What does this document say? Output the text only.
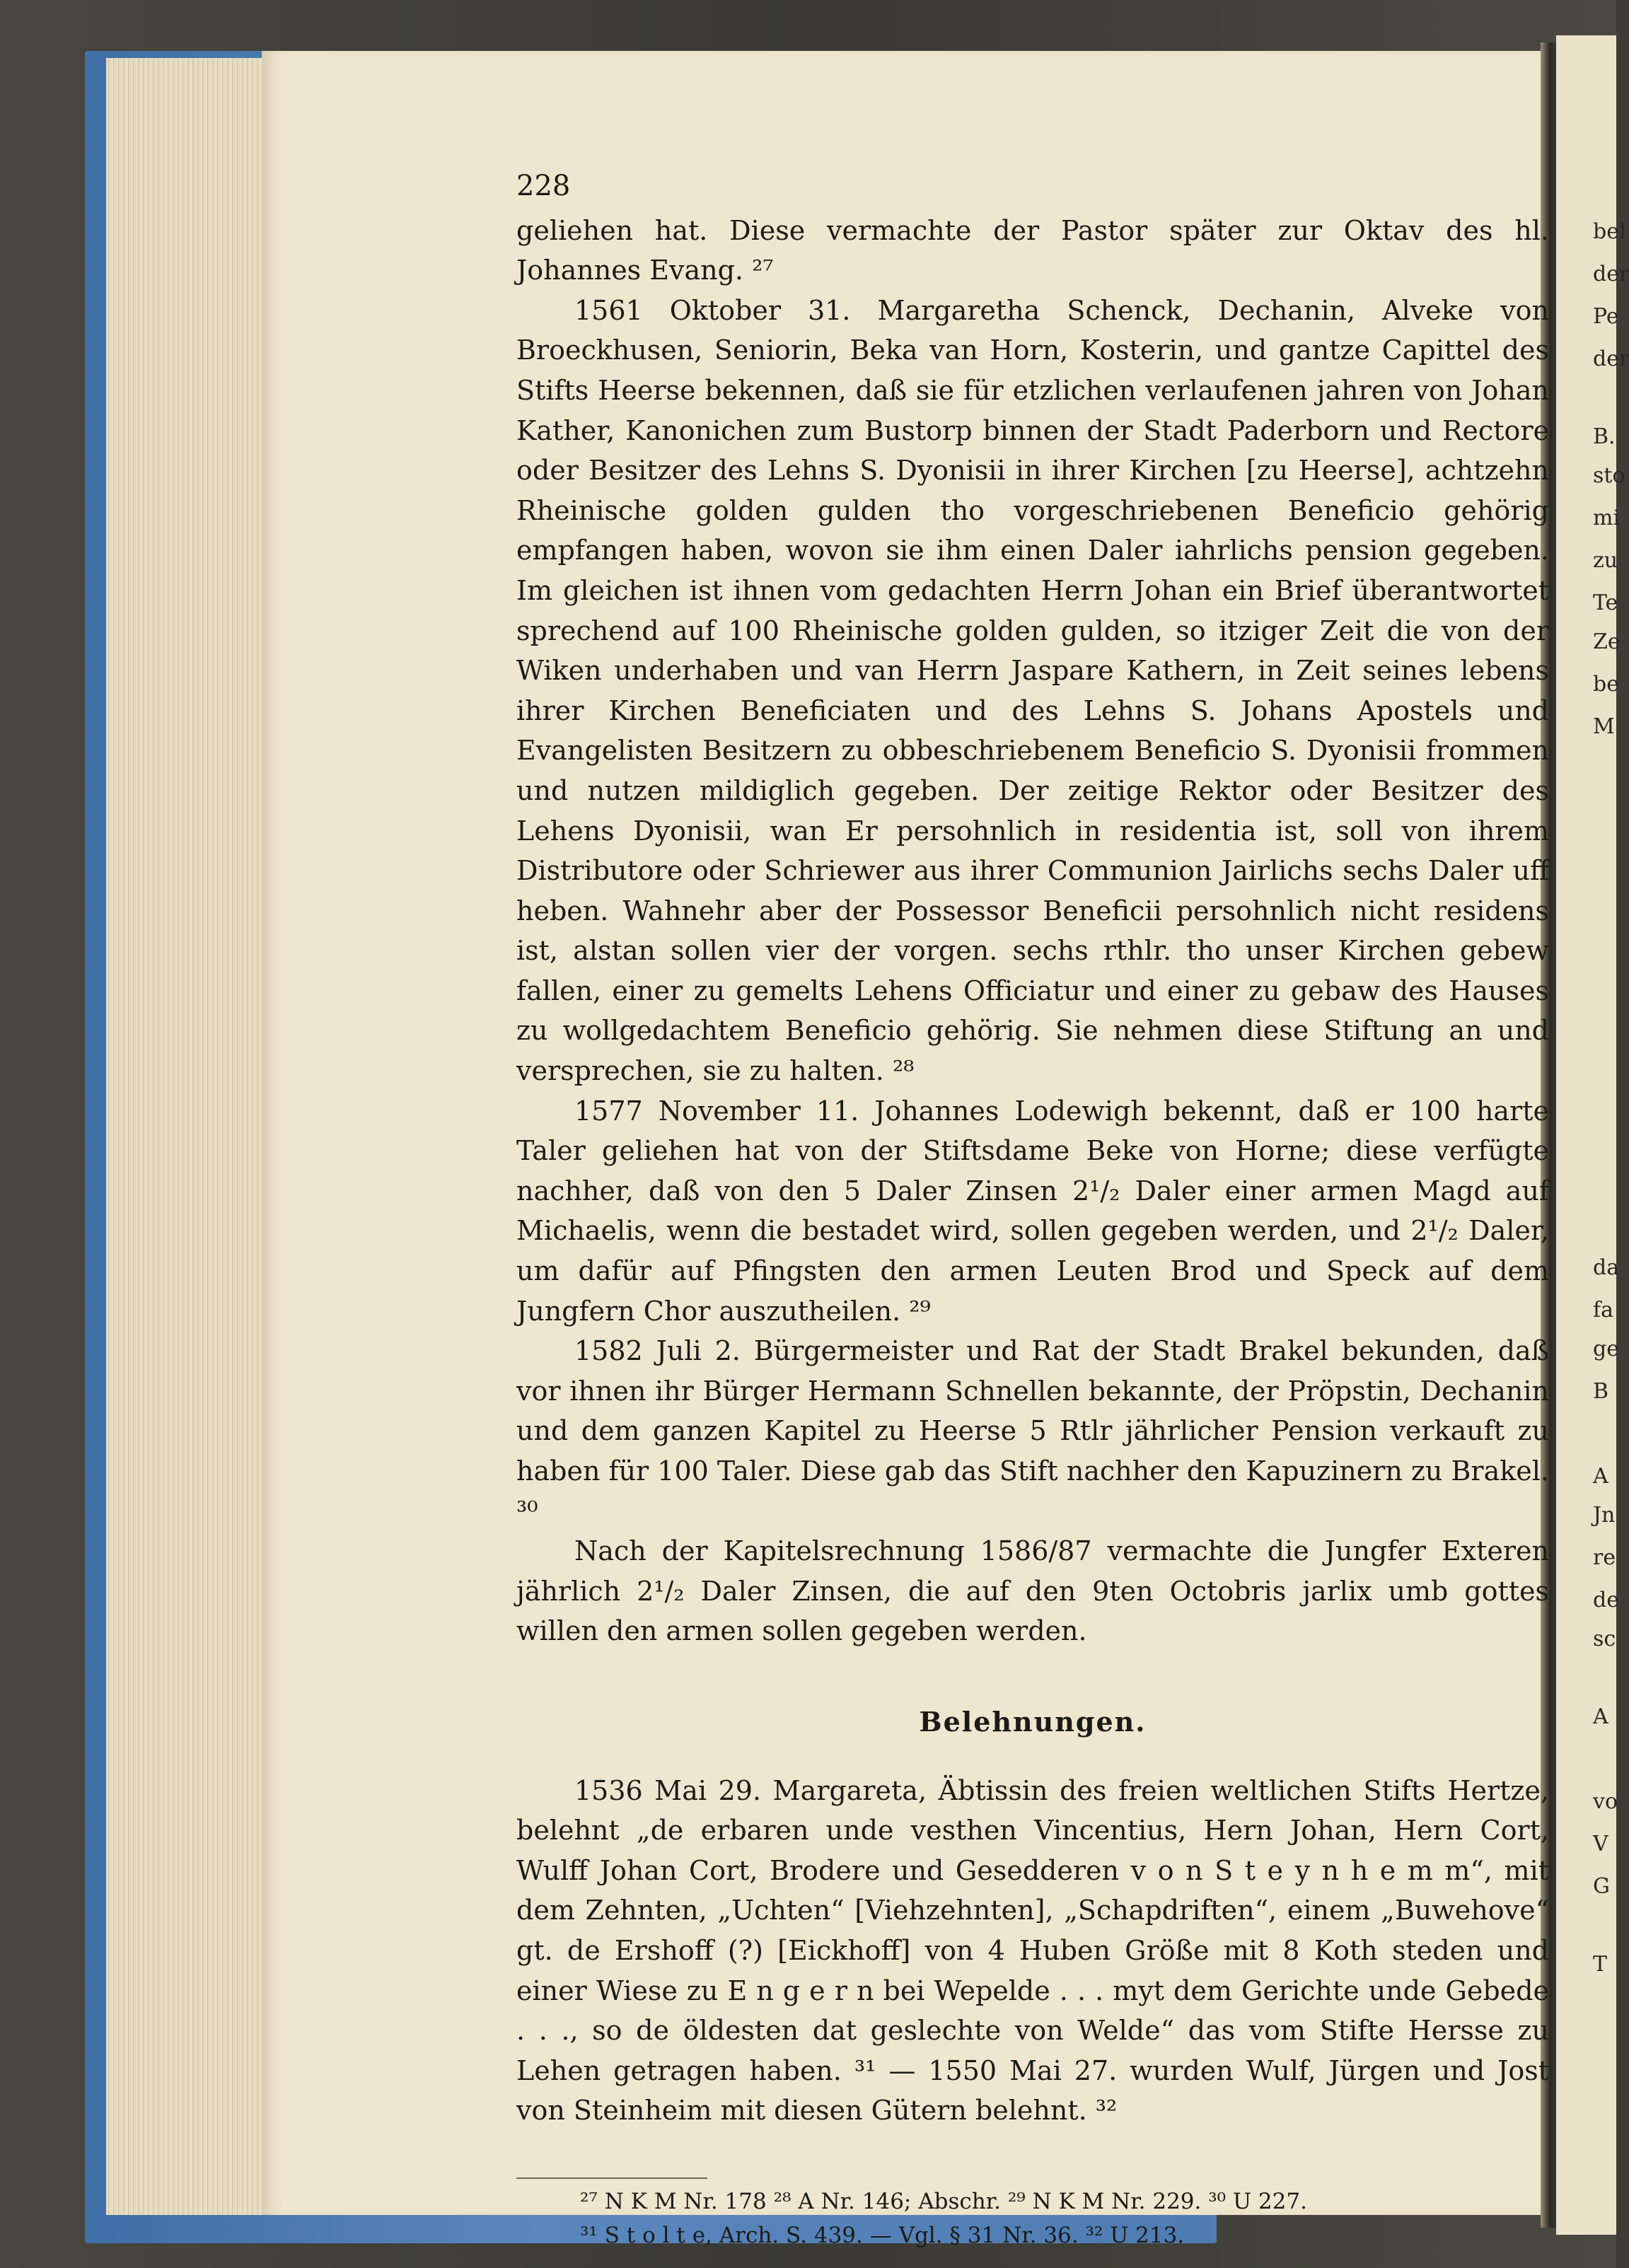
228

geliehen hat. Diese vermachte der Pastor später zur Oktav des hl. Johannes Evang. ²⁷

1561 Oktober 31. Margaretha Schenck, Dechanin, Alveke von Broeckhusen, Seniorin, Beka van Horn, Kosterin, und gantze Capittel des Stifts Heerse bekennen, daß sie für etzlichen verlaufenen jahren von Johan Kather, Kanonichen zum Bustorp binnen der Stadt Paderborn und Rectore oder Besitzer des Lehns S. Dyonisii in ihrer Kirchen [zu Heerse], achtzehn Rheinische golden gulden tho vorgeschriebenen Beneficio gehörig empfangen haben, wovon sie ihm einen Daler iahrlichs pension gegeben. Im gleichen ist ihnen vom gedachten Herrn Johan ein Brief überantwortet sprechend auf 100 Rheinische golden gulden, so itziger Zeit die von der Wiken underhaben und van Herrn Jaspare Kathern, in Zeit seines lebens ihrer Kirchen Beneficiaten und des Lehns S. Johans Apostels und Evangelisten Besitzern zu obbeschriebenem Beneficio S. Dyonisii frommen und nutzen mildiglich gegeben. Der zeitige Rektor oder Besitzer des Lehens Dyonisii, wan Er persohnlich in residentia ist, soll von ihrem Distributore oder Schriewer aus ihrer Communion Jairlichs sechs Daler uff heben. Wahnehr aber der Possessor Beneficii persohnlich nicht residens ist, alstan sollen vier der vorgen. sechs rthlr. tho unser Kirchen gebew fallen, einer zu gemelts Lehens Officiatur und einer zu gebaw des Hauses zu wollgedachtem Beneficio gehörig. Sie nehmen diese Stiftung an und versprechen, sie zu halten. ²⁸

1577 November 11. Johannes Lodewigh bekennt, daß er 100 harte Taler geliehen hat von der Stiftsdame Beke von Horne; diese verfügte nachher, daß von den 5 Daler Zinsen 2¹/₂ Daler einer armen Magd auf Michaelis, wenn die bestadet wird, sollen gegeben werden, und 2¹/₂ Daler, um dafür auf Pfingsten den armen Leuten Brod und Speck auf dem Jungfern Chor auszutheilen. ²⁹

1582 Juli 2. Bürgermeister und Rat der Stadt Brakel bekunden, daß vor ihnen ihr Bürger Hermann Schnellen bekannte, der Pröpstin, Dechanin und dem ganzen Kapitel zu Heerse 5 Rtlr jährlicher Pension verkauft zu haben für 100 Taler. Diese gab das Stift nachher den Kapuzinern zu Brakel. ³⁰

Nach der Kapitelsrechnung 1586/87 vermachte die Jungfer Exteren jährlich 2¹/₂ Daler Zinsen, die auf den 9ten Octobris jarlix umb gottes willen den armen sollen gegeben werden.

Belehnungen.

1536 Mai 29. Margareta, Äbtissin des freien weltlichen Stifts Hertze, belehnt „de erbaren unde vesthen Vincentius, Hern Johan, Hern Cort, Wulff Johan Cort, Brodere und Gesedderen v o n S t e y n h e m m“, mit dem Zehnten, „Uchten“ [Viehzehnten], „Schapdriften“, einem „Buwehove“ gt. de Ershoff (?) [Eickhoff] von 4 Huben Größe mit 8 Koth steden und einer Wiese zu E n g e r n bei Wepelde . . . myt dem Gerichte unde Gebede . . ., so de öldesten dat geslechte von Welde“ das vom Stifte Hersse zu Lehen getragen haben. ³¹ — 1550 Mai 27. wurden Wulf, Jürgen und Jost von Steinheim mit diesen Gütern belehnt. ³²

²⁷ N K M Nr. 178 ²⁸ A Nr. 146; Abschr. ²⁹ N K M Nr. 229. ³⁰ U 227.

³¹ S t o l t e, Arch. S. 439. — Vgl. § 31 Nr. 36. ³² U 213.

bel
der
Pe
der
B.
sto
mi
zu
Te
Ze
be
M
da
fa
ge
B
A
Jn
re
de
sc
A
vo
V
G
T
